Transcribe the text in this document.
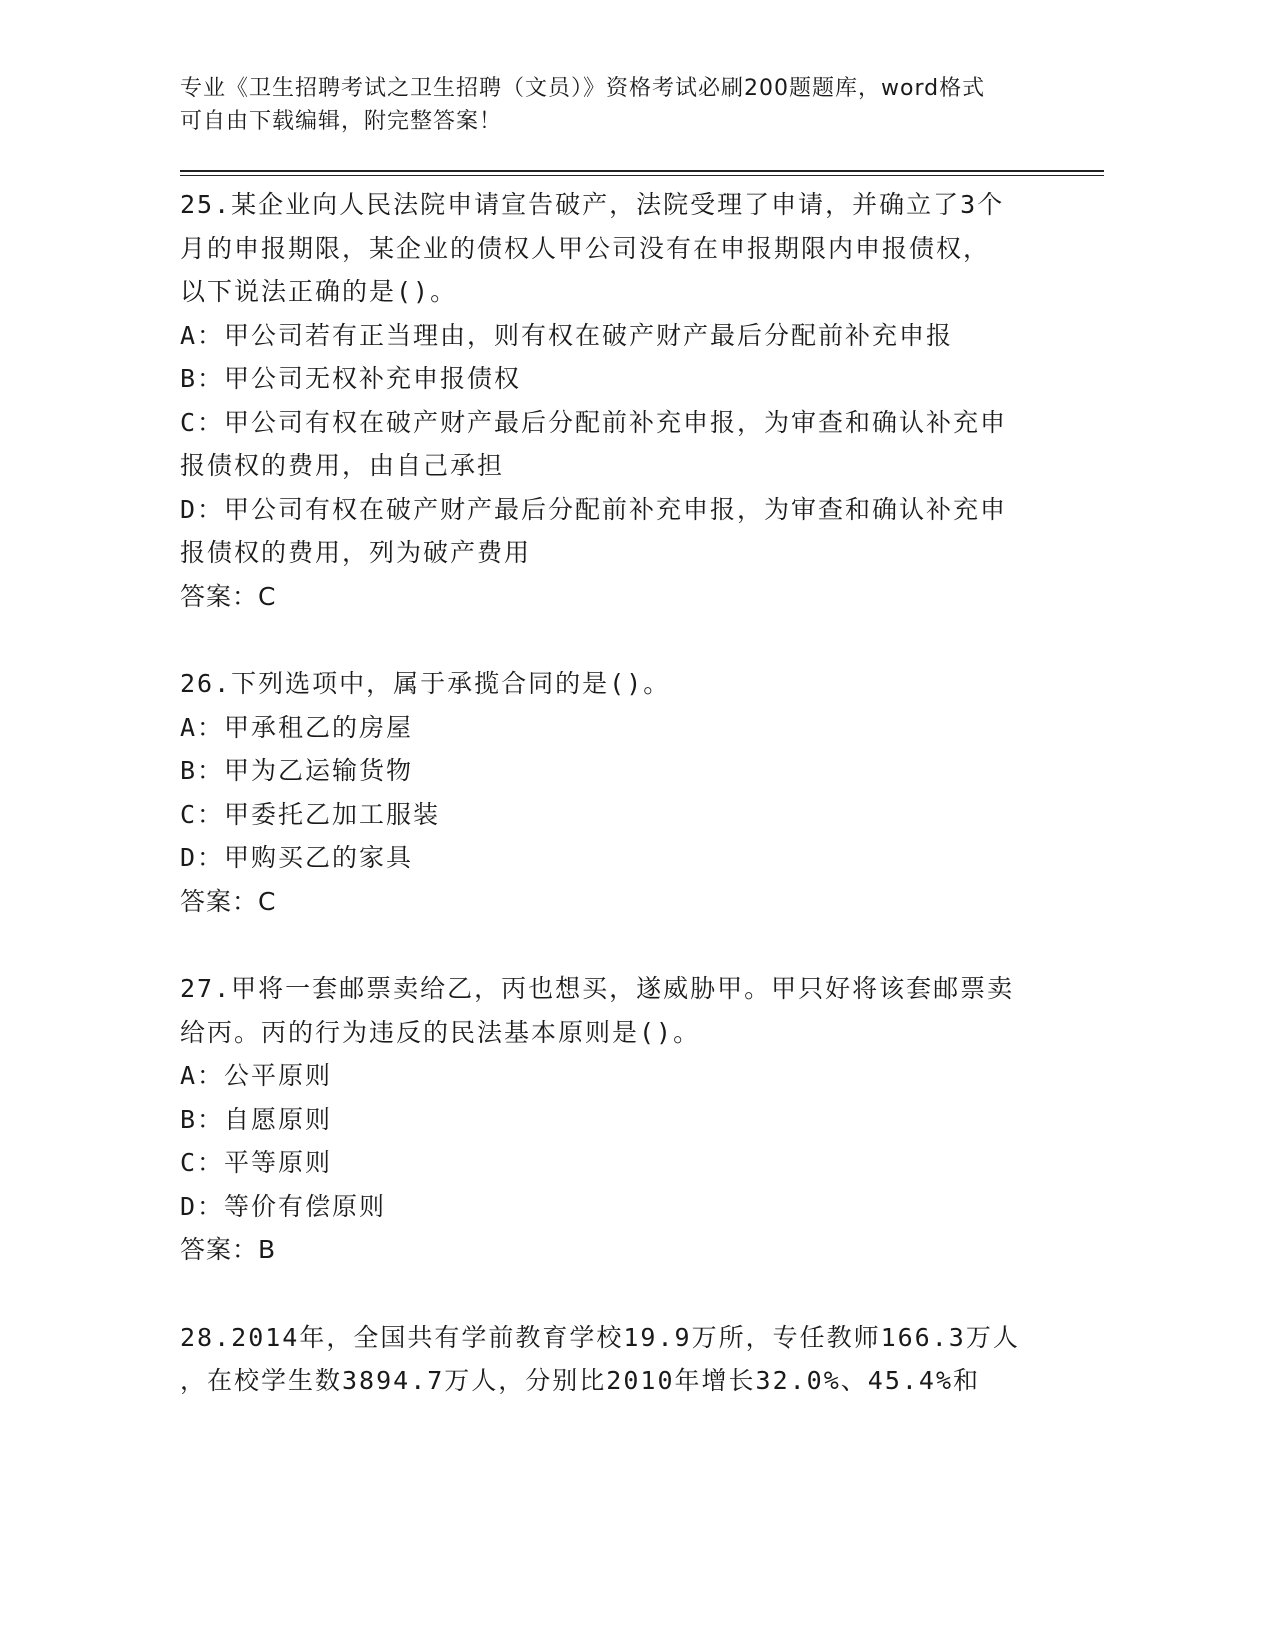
专业《卫生招聘考试之卫生招聘（文员）》资格考试必刷200题题库，word格式
可自由下载编辑，附完整答案！
25.某企业向人民法院申请宣告破产，法院受理了申请，并确立了3个
月的申报期限，某企业的债权人甲公司没有在申报期限内申报债权，
以下说法正确的是()。
A：甲公司若有正当理由，则有权在破产财产最后分配前补充申报
B：甲公司无权补充申报债权
C：甲公司有权在破产财产最后分配前补充申报，为审查和确认补充申
报债权的费用，由自己承担
D：甲公司有权在破产财产最后分配前补充申报，为审查和确认补充申
报债权的费用，列为破产费用
答案：C
26.下列选项中，属于承揽合同的是()。
A：甲承租乙的房屋
B：甲为乙运输货物
C：甲委托乙加工服装
D：甲购买乙的家具
答案：C
27.甲将一套邮票卖给乙，丙也想买，遂威胁甲。甲只好将该套邮票卖
给丙。丙的行为违反的民法基本原则是()。
A：公平原则
B：自愿原则
C：平等原则
D：等价有偿原则
答案：B
28.2014年，全国共有学前教育学校19.9万所，专任教师166.3万人
，在校学生数3894.7万人，分别比2010年增长32.0%、45.4%和
